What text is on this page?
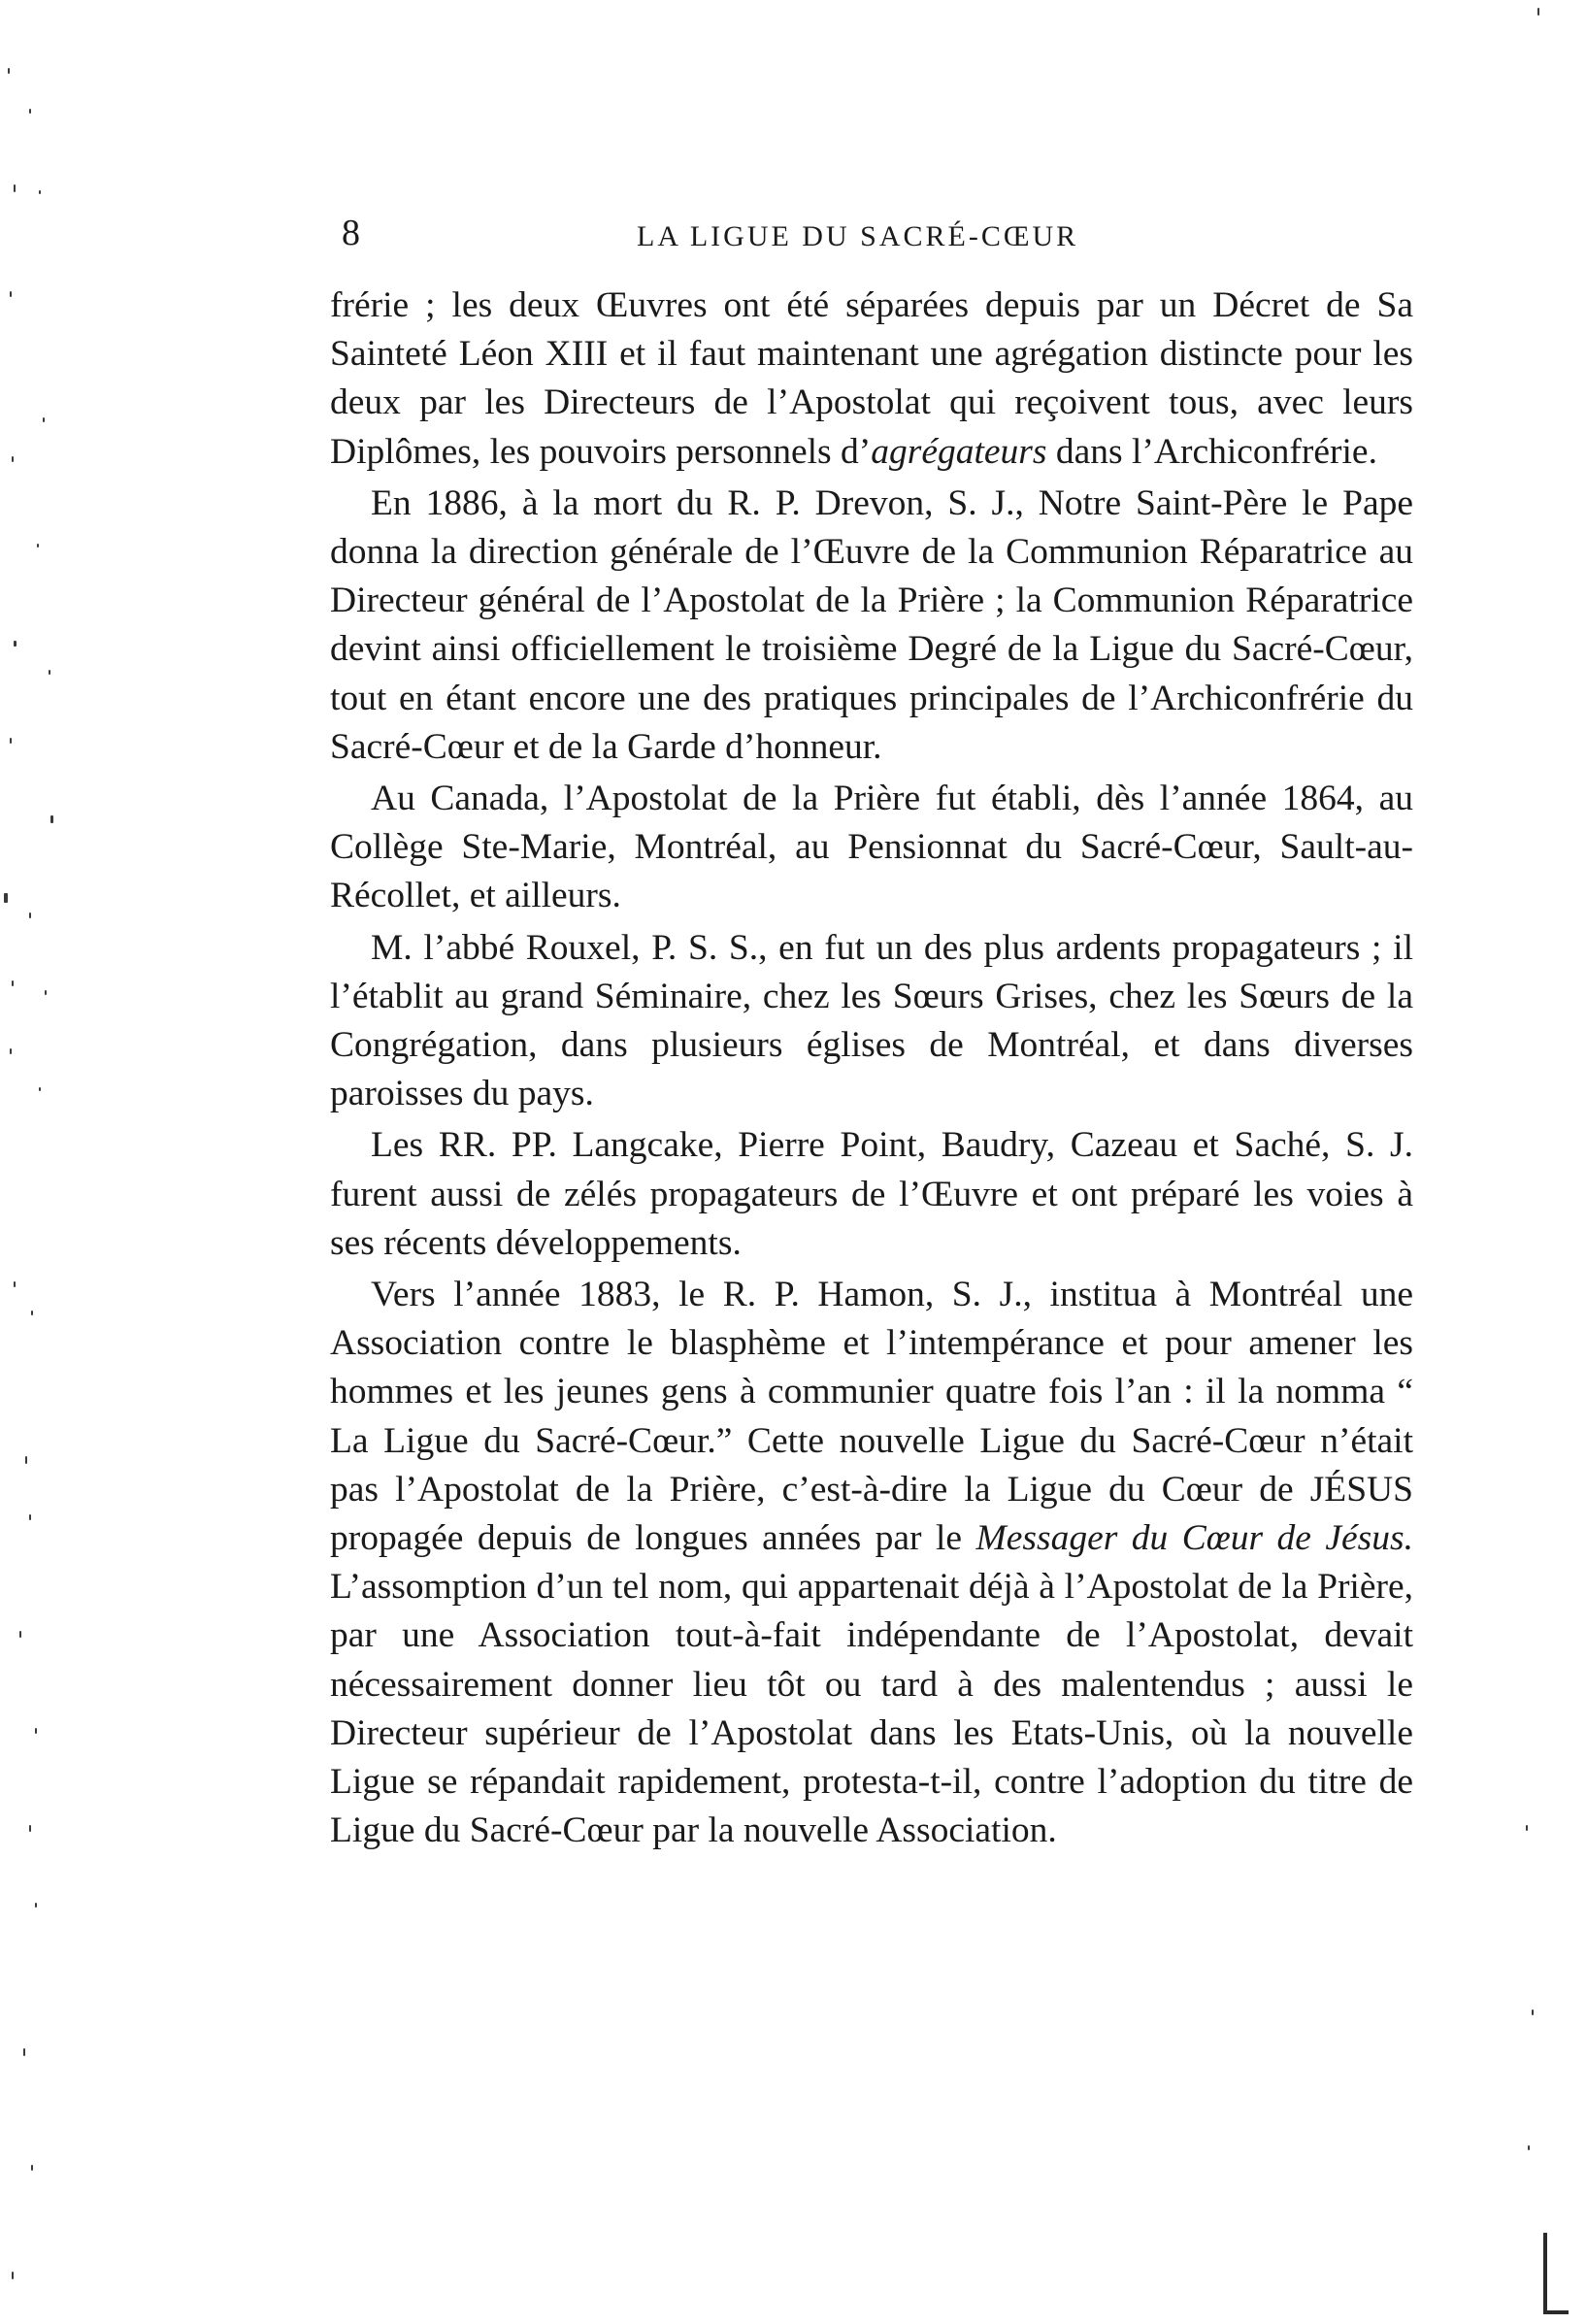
8	LA LIGUE DU SACRÉ-CŒUR

frérie ; les deux Œuvres ont été séparées depuis par un Décret de Sa Sainteté Léon XIII et il faut maintenant une agrégation distincte pour les deux par les Directeurs de l’Apostolat qui reçoivent tous, avec leurs Diplômes, les pouvoirs personnels d’agrégateurs dans l’Archiconfrérie.

En 1886, à la mort du R. P. Drevon, S. J., Notre Saint-Père le Pape donna la direction générale de l’Œuvre de la Communion Réparatrice au Directeur général de l’Apostolat de la Prière ; la Communion Réparatrice devint ainsi officiellement le troisième Degré de la Ligue du Sacré-Cœur, tout en étant encore une des pratiques principales de l’Archiconfrérie du Sacré-Cœur et de la Garde d’honneur.

Au Canada, l’Apostolat de la Prière fut établi, dès l’année 1864, au Collège Ste-Marie, Montréal, au Pensionnat du Sacré-Cœur, Sault-au-Récollet, et ailleurs.

M. l’abbé Rouxel, P. S. S., en fut un des plus ardents propagateurs ; il l’établit au grand Séminaire, chez les Sœurs Grises, chez les Sœurs de la Congrégation, dans plusieurs églises de Montréal, et dans diverses paroisses du pays.

Les RR. PP. Langcake, Pierre Point, Baudry, Cazeau et Saché, S. J. furent aussi de zélés propagateurs de l’Œuvre et ont préparé les voies à ses récents développements.

Vers l’année 1883, le R. P. Hamon, S. J., institua à Montréal une Association contre le blasphème et l’intempérance et pour amener les hommes et les jeunes gens à communier quatre fois l’an : il la nomma “ La Ligue du Sacré-Cœur.” Cette nouvelle Ligue du Sacré-Cœur n’était pas l’Apostolat de la Prière, c’est-à-dire la Ligue du Cœur de JÉSUS propagée depuis de longues années par le Messager du Cœur de Jésus. L’assomption d’un tel nom, qui appartenait déjà à l’Apostolat de la Prière, par une Association tout-à-fait indépendante de l’Apostolat, devait nécessairement donner lieu tôt ou tard à des malentendus ; aussi le Directeur supérieur de l’Apostolat dans les Etats-Unis, où la nouvelle Ligue se répandait rapidement, protesta-t-il, contre l’adoption du titre de Ligue du Sacré-Cœur par la nouvelle Association.
